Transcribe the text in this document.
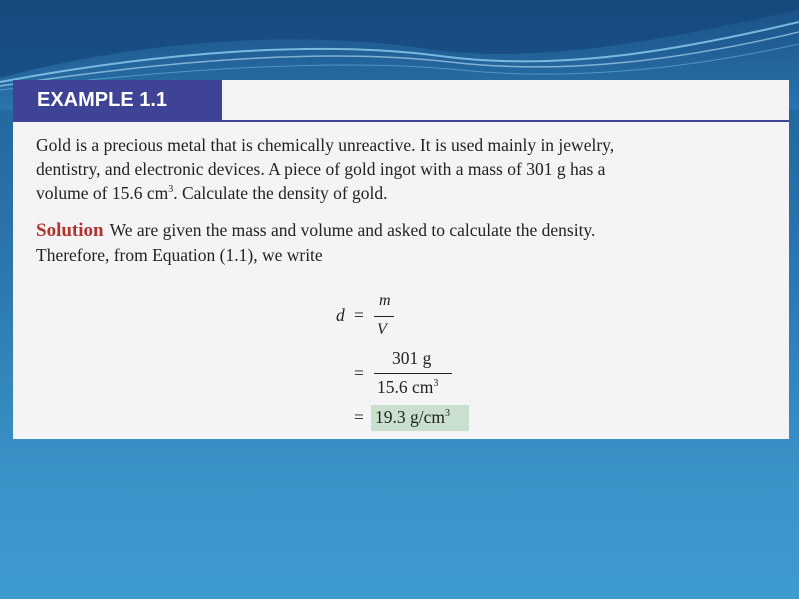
EXAMPLE 1.1
Gold is a precious metal that is chemically unreactive. It is used mainly in jewelry,
dentistry, and electronic devices. A piece of gold ingot with a mass of 301 g has a
volume of 15.6 $cm^3$. Calculate the density of gold.
Solution We are given the mass and volume and asked to calculate the density.
Therefore, from Equation (1.1), we write
d =
m
V
=
301 g
15.6 $cm^3$
= 19.3 $g/cm^3$
